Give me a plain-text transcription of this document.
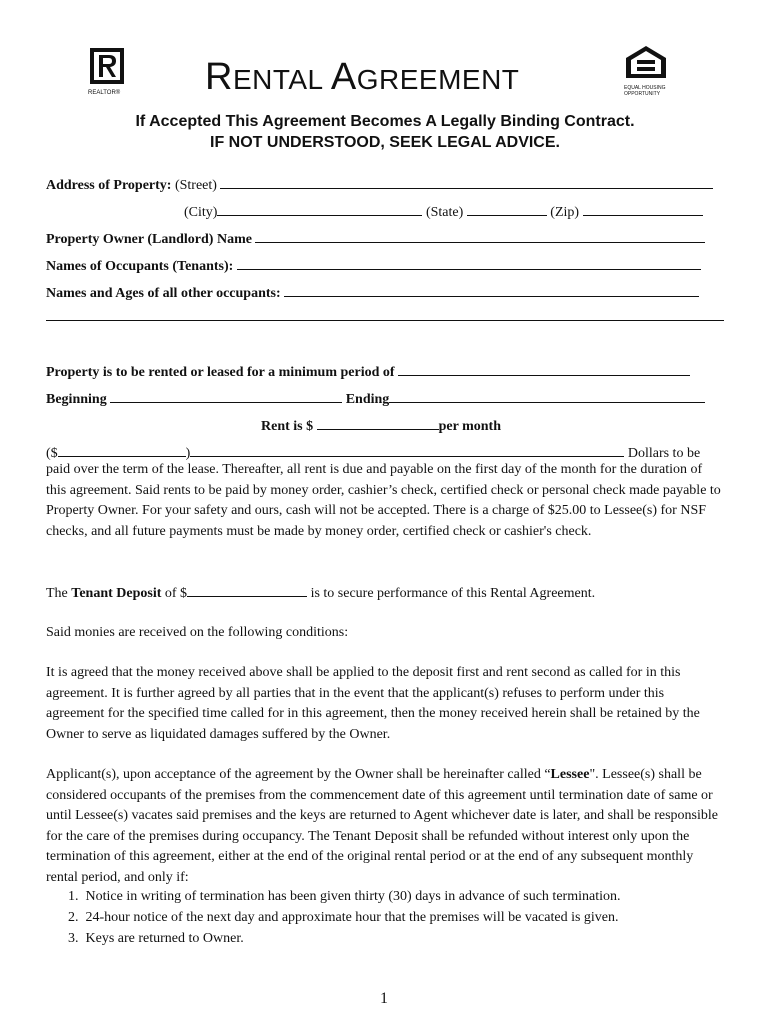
REALTOR®
EQUAL HOUSING
OPPORTUNITY
RENTAL AGREEMENT
If Accepted This Agreement Becomes A Legally Binding Contract.
IF NOT UNDERSTOOD, SEEK LEGAL ADVICE.
Address of Property: (Street)
(City)	(State)	(Zip)
Property Owner (Landlord) Name
Names of Occupants (Tenants):
Names and Ages of all other occupants:
Property is to be rented or leased for a minimum period of
Beginning	Ending
Rent is $	per month
($	)	Dollars to be
paid over the term of the lease. Thereafter, all rent is due and payable on the first day of the month for the duration of this agreement. Said rents to be paid by money order, cashier’s check, certified check or personal check made payable to Property Owner. For your safety and ours, cash will not be accepted. There is a charge of $25.00 to Lessee(s) for NSF checks, and all future payments must be made by money order, certified check or cashier's check.
The Tenant Deposit of $	is to secure performance of this Rental Agreement.
Said monies are received on the following conditions:
It is agreed that the money received above shall be applied to the deposit first and rent second as called for in this agreement. It is further agreed by all parties that in the event that the applicant(s) refuses to perform under this agreement for the specified time called for in this agreement, then the money received herein shall be retained by the Owner to serve as liquidated damages suffered by the Owner.
Applicant(s), upon acceptance of the agreement by the Owner shall be hereinafter called “Lessee". Lessee(s) shall be considered occupants of the premises from the commencement date of this agreement until termination date of same or until Lessee(s) vacates said premises and the keys are returned to Agent whichever date is later, and shall be responsible for the care of the premises during occupancy. The Tenant Deposit shall be refunded without interest only upon the termination of this agreement, either at the end of the original rental period or at the end of any subsequent monthly rental period, and only if:
1. Notice in writing of termination has been given thirty (30) days in advance of such termination.
2. 24-hour notice of the next day and approximate hour that the premises will be vacated is given.
3. Keys are returned to Owner.
1
